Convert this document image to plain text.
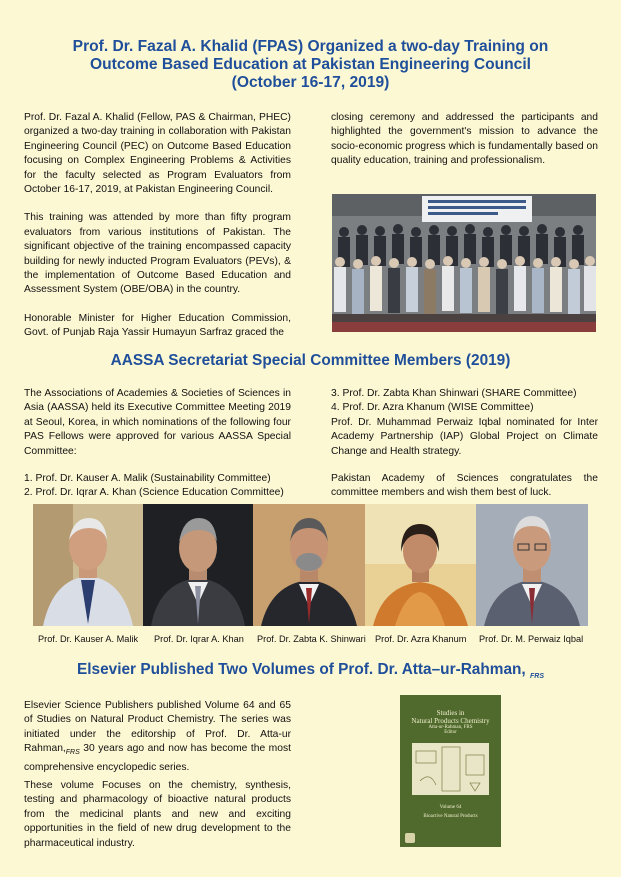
Prof. Dr. Fazal A. Khalid (FPAS) Organized a two-day Training on
Outcome Based Education at Pakistan Engineering Council
(October 16-17, 2019)

Prof. Dr. Fazal A. Khalid (Fellow, PAS & Chairman, PHEC) organized a two-day training in collaboration with Pakistan Engineering Council (PEC) on Outcome Based Education focusing on Complex Engineering Problems & Activities for the faculty selected as Program Evaluators from October 16-17, 2019, at Pakistan Engineering Council.

This training was attended by more than fifty program evaluators from various institutions of Pakistan. The significant objective of the training encompassed capacity building for newly inducted Program Evaluators (PEVs), & the implementation of Outcome Based Education and Assessment System (OBE/OBA) in the country.

Honorable Minister for Higher Education Commission, Govt. of Punjab Raja Yassir Humayun Sarfraz graced the

closing ceremony and addressed the participants and highlighted the government's mission to advance the socio-economic progress which is fundamentally based on quality education, training and professionalism.

AASSA Secretariat Special Committee Members (2019)

The Associations of Academies & Societies of Sciences in Asia (AASSA) held its Executive Committee Meeting 2019 at Seoul, Korea, in which nominations of the following four PAS Fellows were approved for various AASSA Special Committee:

1. Prof. Dr. Kauser A. Malik (Sustainability Committee)
2. Prof. Dr. Iqrar A. Khan (Science Education Committee)
3. Prof. Dr. Zabta Khan Shinwari (SHARE Committee)
4. Prof. Dr. Azra Khanum (WISE Committee)

Prof. Dr. Muhammad Perwaiz Iqbal nominated for Inter Academy Partnership (IAP) Global Project on Climate Change and Health strategy.

Pakistan Academy of Sciences congratulates the committee members and wish them best of luck.

Prof. Dr. Kauser A. Malik Prof. Dr. Iqrar A. Khan Prof. Dr. Zabta K. Shinwari Prof. Dr. Azra Khanum Prof. Dr. M. Perwaiz Iqbal
Elsevier Published Two Volumes of Prof. Dr. Atta–ur-Rahman, $_{FRS}$

Elsevier Science Publishers published Volume 64 and 65 of Studies on Natural Product Chemistry. The series was initiated under the editorship of Prof. Dr. Atta-ur $Rahman,_{FRS}$ 30 years ago and now has become the most comprehensive encyclopedic series.

These volume Focuses on the chemistry, synthesis, testing and pharmacology of bioactive natural products from the medicinal plants and new and exciting opportunities in the field of new drug development to the pharmaceutical industry.

Studies in
Natural Products Chemistry
Atta-ur-Rahman, FRS
Editor
Volume 64
Bioactive Natural Products
